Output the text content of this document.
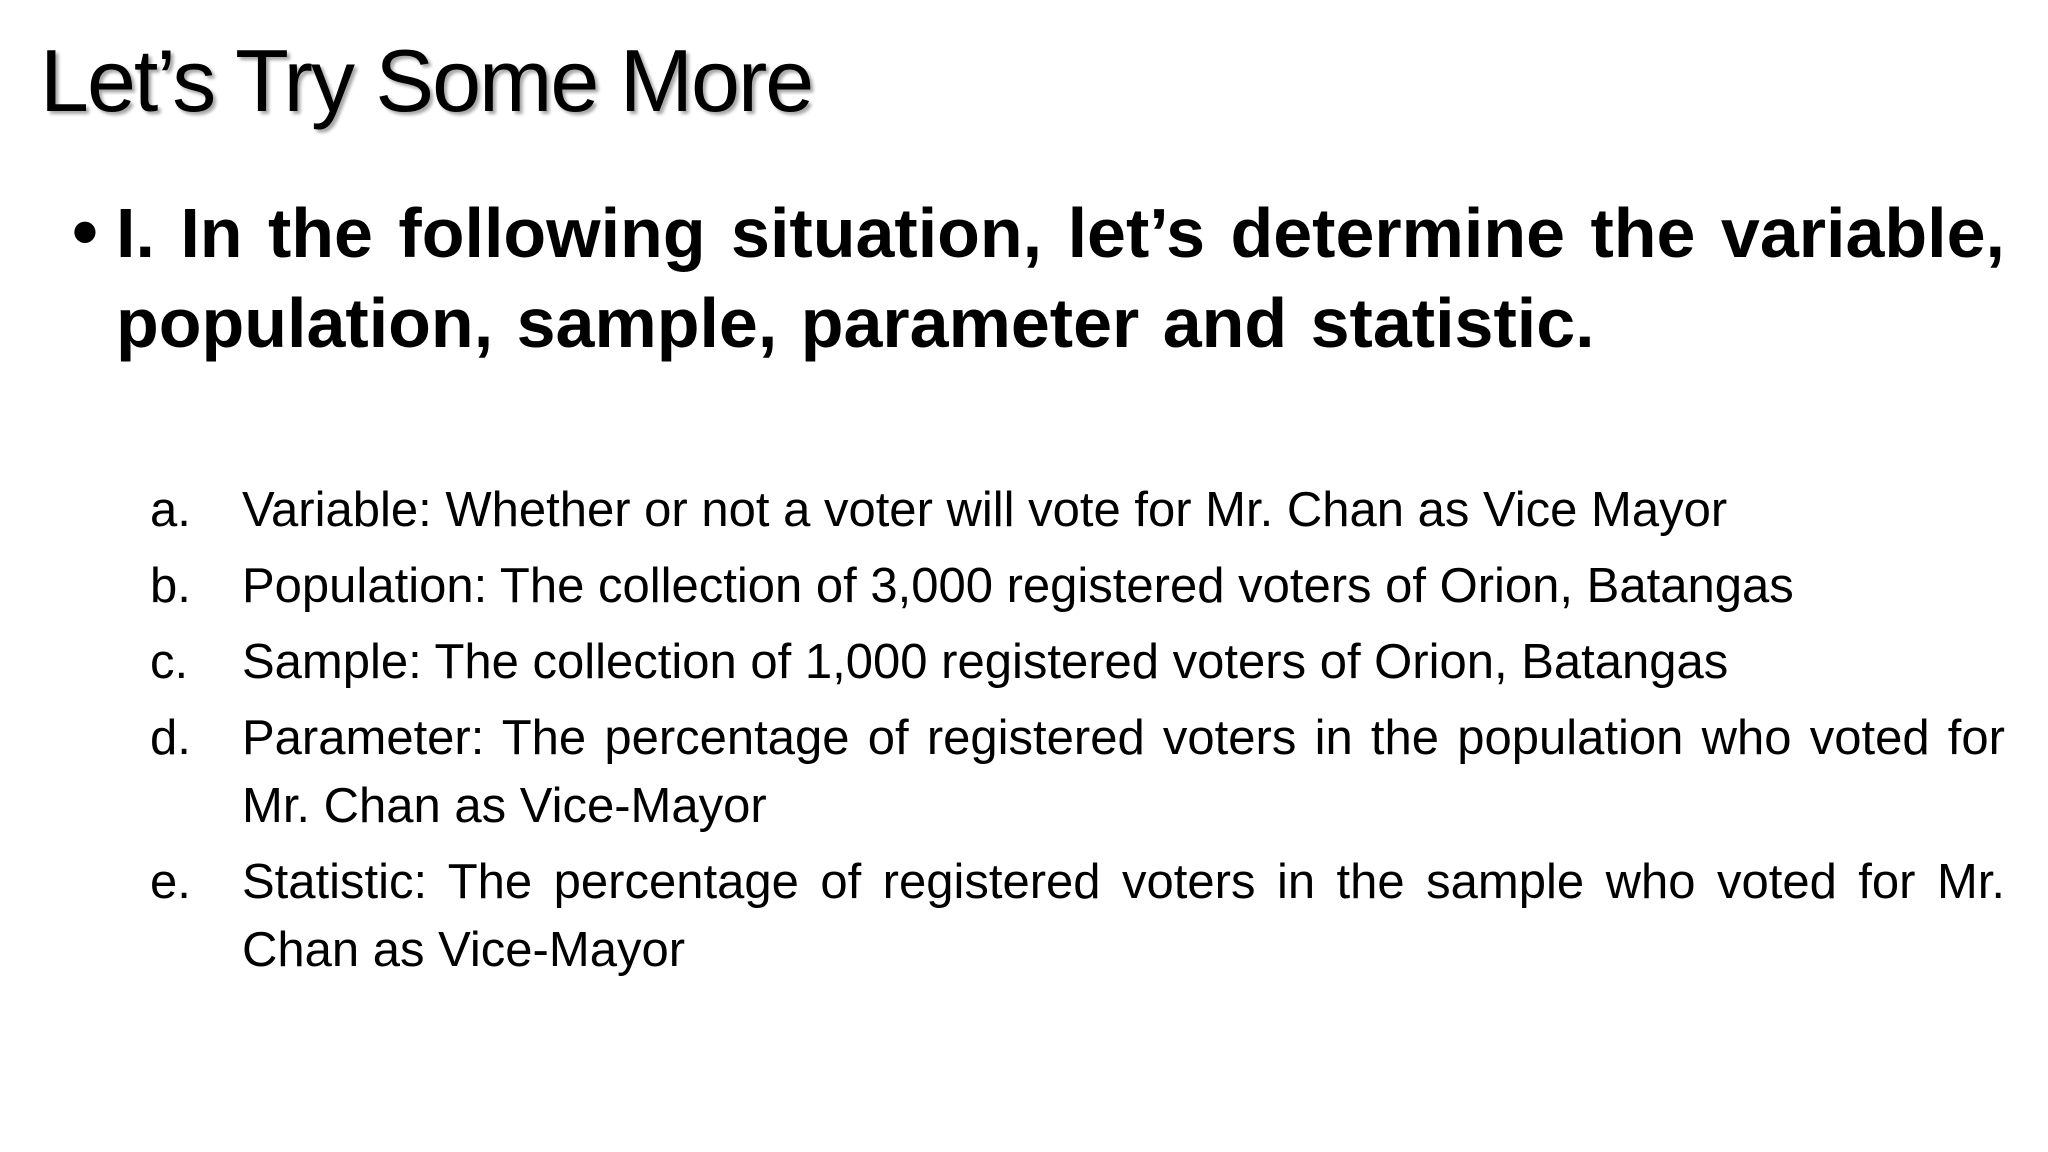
Let’s Try Some More
• I. In the following situation, let’s determine the variable, population, sample, parameter and statistic.

a.	Variable: Whether or not a voter will vote for Mr. Chan as Vice Mayor
b.	Population: The collection of 3,000 registered voters of Orion, Batangas
c.	Sample: The collection of 1,000 registered voters of Orion, Batangas
d.	Parameter: The percentage of registered voters in the population who voted for Mr. Chan as Vice-Mayor
e.	Statistic: The percentage of registered voters in the sample who voted for Mr. Chan as Vice-Mayor
